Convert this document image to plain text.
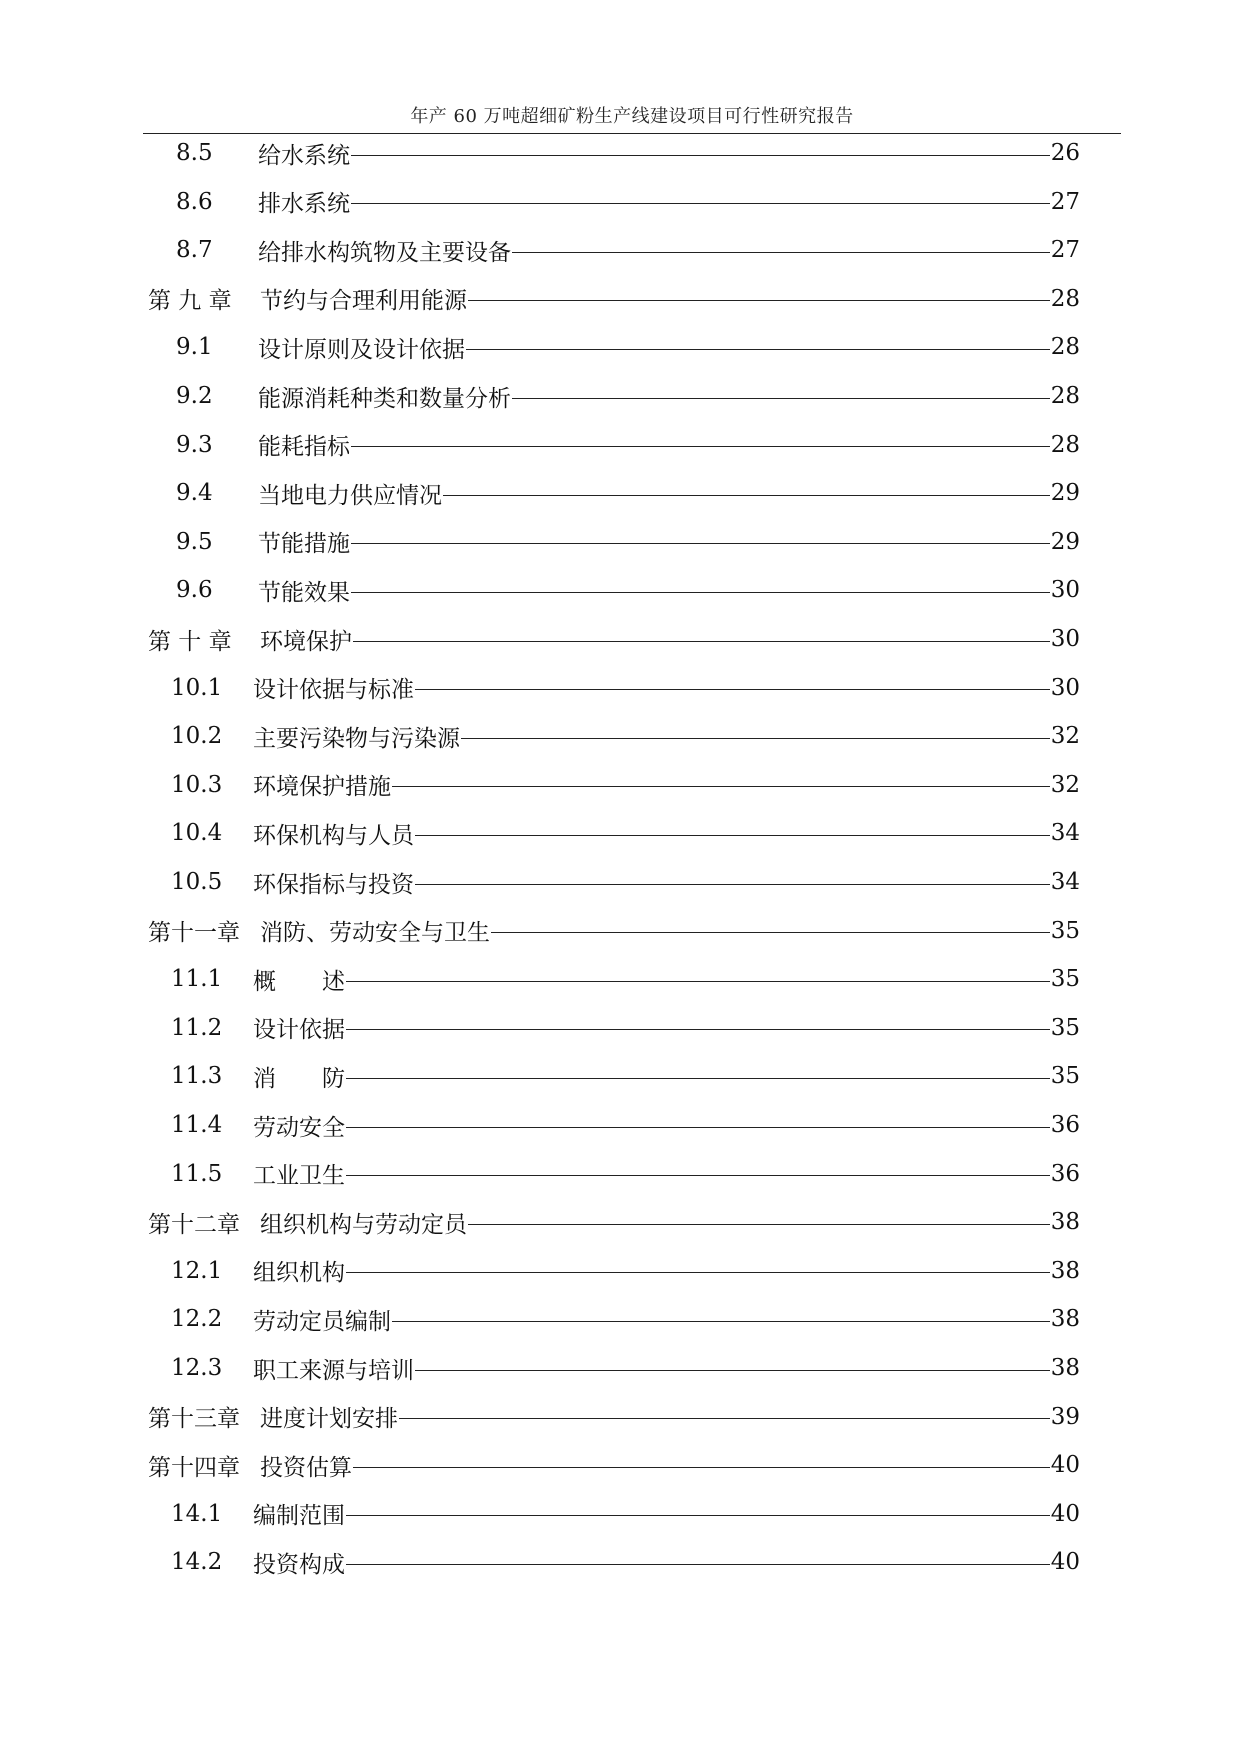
年产 60 万吨超细矿粉生产线建设项目可行性研究报告
8.5	给水系统	26
8.6	排水系统	27
8.7	给排水构筑物及主要设备	27
第 九 章	节约与合理利用能源	28
9.1	设计原则及设计依据	28
9.2	能源消耗种类和数量分析	28
9.3	能耗指标	28
9.4	当地电力供应情况	29
9.5	节能措施	29
9.6	节能效果	30
第 十 章	环境保护	30
10.1	设计依据与标准	30
10.2	主要污染物与污染源	32
10.3	环境保护措施	32
10.4	环保机构与人员	34
10.5	环保指标与投资	34
第十一章 消防、劳动安全与卫生	35
11.1	概　　述	35
11.2	设计依据	35
11.3	消　　防	35
11.4	劳动安全	36
11.5	工业卫生	36
第十二章 组织机构与劳动定员	38
12.1	组织机构	38
12.2	劳动定员编制	38
12.3	职工来源与培训	38
第十三章 进度计划安排	39
第十四章 投资估算	40
14.1	编制范围	40
14.2	投资构成	40
